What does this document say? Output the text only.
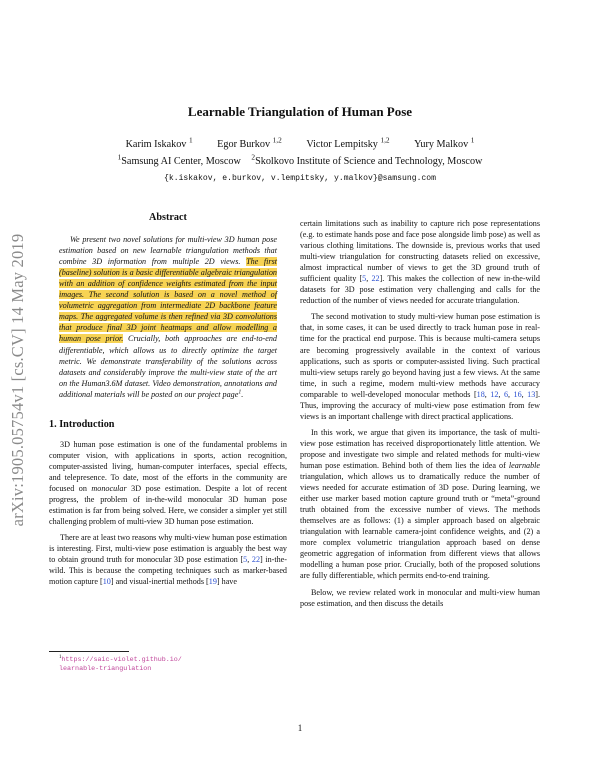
arXiv:1905.05754v1 [cs.CV] 14 May 2019
Learnable Triangulation of Human Pose
Karim Iskakov $^1$ Egor Burkov $^{1,2}$ Victor Lempitsky $^{1,2}$ Yury Malkov $^1$
$^1$Samsung AI Center, Moscow $^2$Skolkovo Institute of Science and Technology, Moscow
{k.iskakov, e.burkov, v.lempitsky, y.malkov}@samsung.com
Abstract

We present two novel solutions for multi-view 3D human pose estimation based on new learnable triangulation methods that combine 3D information from multiple 2D views. The first (baseline) solution is a basic differentiable algebraic triangulation with an addition of confidence weights estimated from the input images. The second solution is based on a novel method of volumetric aggregation from intermediate 2D backbone feature maps. The aggregated volume is then refined via 3D convolutions that produce final 3D joint heatmaps and allow modelling a human pose prior. Crucially, both approaches are end-to-end differentiable, which allows us to directly optimize the target metric. We demonstrate transferability of the solutions across datasets and considerably improve the multi-view state of the art on the Human3.6M dataset. Video demonstration, annotations and additional materials will be posted on our project page$^1$.

1. Introduction

3D human pose estimation is one of the fundamental problems in computer vision, with applications in sports, action recognition, computer-assisted living, human-computer interfaces, special effects, and telepresence. To date, most of the efforts in the community are focused on monocular 3D pose estimation. Despite a lot of recent progress, the problem of in-the-wild monocular 3D human pose estimation is far from being solved. Here, we consider a simpler yet still challenging problem of multi-view 3D human pose estimation.

There are at least two reasons why multi-view human pose estimation is interesting. First, multi-view pose estimation is arguably the best way to obtain ground truth for monocular 3D pose estimation [5, 22] in-the-wild. This is because the competing techniques such as marker-based motion capture [10] and visual-inertial methods [19] have

certain limitations such as inability to capture rich pose representations (e.g. to estimate hands pose and face pose alongside limb pose) as well as various clothing limitations. The downside is, previous works that used multi-view triangulation for constructing datasets relied on excessive, almost impractical number of views to get the 3D ground truth of sufficient quality [5, 22]. This makes the collection of new in-the-wild datasets for 3D pose estimation very challenging and calls for the reduction of the number of views needed for accurate triangulation.

The second motivation to study multi-view human pose estimation is that, in some cases, it can be used directly to track human pose in real-time for the practical end purpose. This is because multi-camera setups are becoming progressively available in the context of various applications, such as sports or computer-assisted living. Such practical multi-view setups rarely go beyond having just a few views. At the same time, in such a regime, modern multi-view methods have accuracy comparable to well-developed monocular methods [18, 12, 6, 16, 13]. Thus, improving the accuracy of multi-view pose estimation from few views is an important challenge with direct practical applications.

In this work, we argue that given its importance, the task of multi-view pose estimation has received disproportionately little attention. We propose and investigate two simple and related methods for multi-view human pose estimation. Behind both of them lies the idea of learnable triangulation, which allows us to dramatically reduce the number of views needed for accurate estimation of 3D pose. During learning, we either use marker based motion capture ground truth or “meta”-ground truth obtained from the excessive number of views. The methods themselves are as follows: (1) a simpler approach based on algebraic triangulation with learnable camera-joint confidence weights, and (2) a more complex volumetric triangulation approach based on dense geometric aggregation of information from different views that allows modelling a human pose prior. Crucially, both of the proposed solutions are fully differentiable, which permits end-to-end training.

Below, we review related work in monocular and multi-view human pose estimation, and then discuss the details

$^1$https://saic-violet.github.io/
learnable-triangulation
1
